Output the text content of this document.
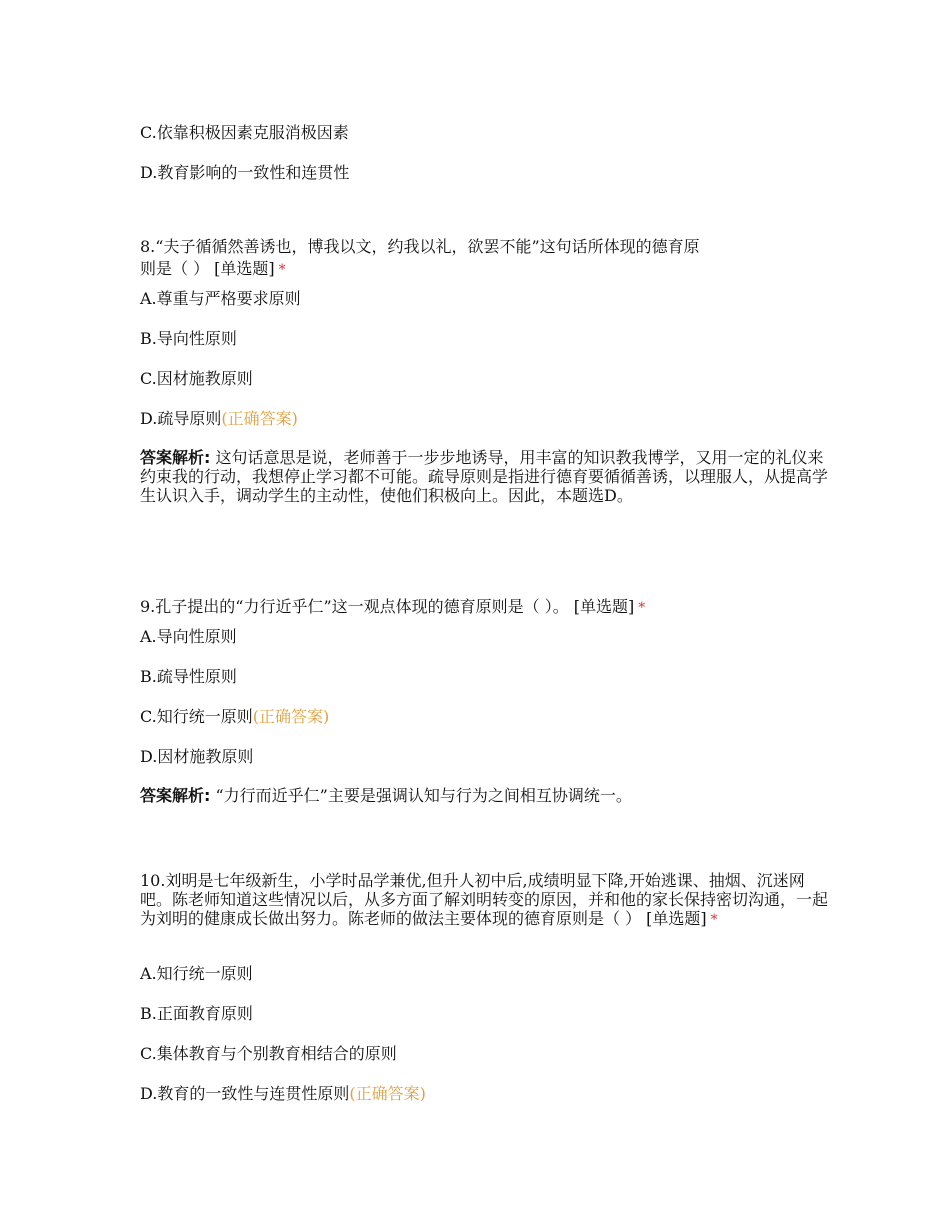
C.依靠积极因素克服消极因素
D.教育影响的一致性和连贯性
8.“夫子循循然善诱也，博我以文，约我以礼，欲罢不能”这句话所体现的德育原
则是（ ） [单选题] *
A.尊重与严格要求原则
B.导向性原则
C.因材施教原则
D.疏导原则(正确答案)
答案解析: 这句话意思是说，老师善于一步步地诱导，用丰富的知识教我博学，又用一定的礼仪来约束我的行动，我想停止学习都不可能。疏导原则是指进行德育要循循善诱，以理服人，从提高学生认识入手，调动学生的主动性，使他们积极向上。因此，本题选D。
9.孔子提出的“力行近乎仁”这一观点体现的德育原则是（ ）。 [单选题] *
A.导向性原则
B.疏导性原则
C.知行统一原则(正确答案)
D.因材施教原则
答案解析: “力行而近乎仁”主要是强调认知与行为之间相互协调统一。
10.刘明是七年级新生，小学时品学兼优,但升人初中后,成绩明显下降,开始逃课、抽烟、沉迷网吧。陈老师知道这些情况以后，从多方面了解刘明转变的原因，并和他的家长保持密切沟通，一起为刘明的健康成长做出努力。陈老师的做法主要体现的德育原则是（ ） [单选题] *
A.知行统一原则
B.正面教育原则
C.集体教育与个别教育相结合的原则
D.教育的一致性与连贯性原则(正确答案)
